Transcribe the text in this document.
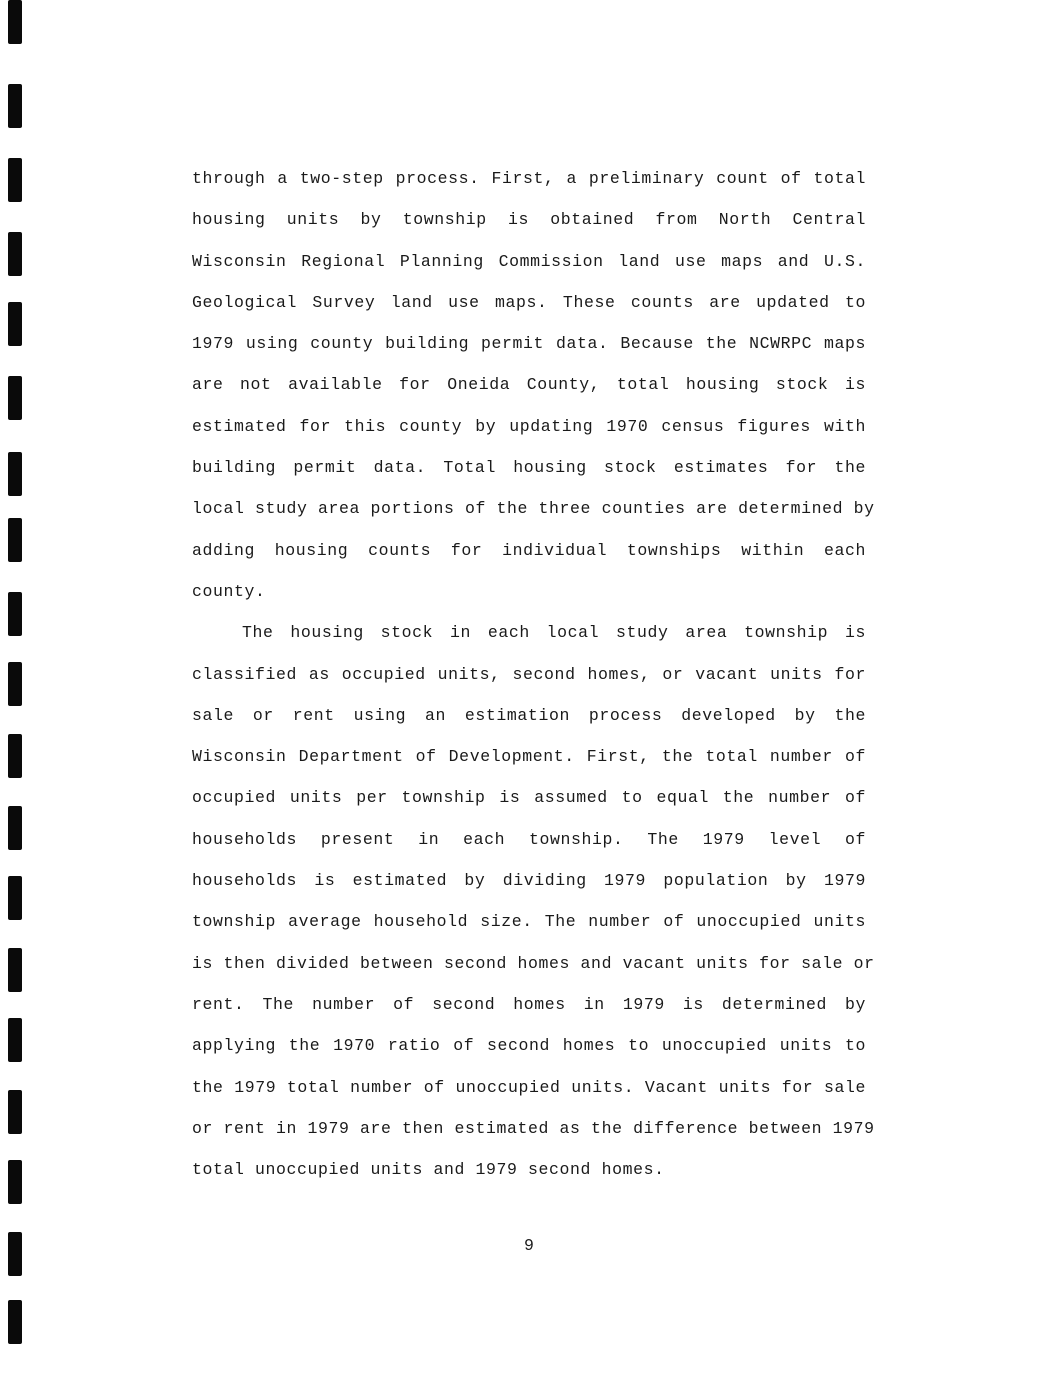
through a two-step process. First, a preliminary count of total
housing units by township is obtained from North Central
Wisconsin Regional Planning Commission land use maps and U.S.
Geological Survey land use maps. These counts are updated to
1979 using county building permit data. Because the NCWRPC maps
are not available for Oneida County, total housing stock is
estimated for this county by updating 1970 census figures with
building permit data. Total housing stock estimates for the
local study area portions of the three counties are determined by
adding housing counts for individual townships within each
county.
The housing stock in each local study area township is
classified as occupied units, second homes, or vacant units for
sale or rent using an estimation process developed by the
Wisconsin Department of Development. First, the total number of
occupied units per township is assumed to equal the number of
households present in each township. The 1979 level of
households is estimated by dividing 1979 population by 1979
township average household size. The number of unoccupied units
is then divided between second homes and vacant units for sale or
rent. The number of second homes in 1979 is determined by
applying the 1970 ratio of second homes to unoccupied units to
the 1979 total number of unoccupied units. Vacant units for sale
or rent in 1979 are then estimated as the difference between 1979
total unoccupied units and 1979 second homes.
9
